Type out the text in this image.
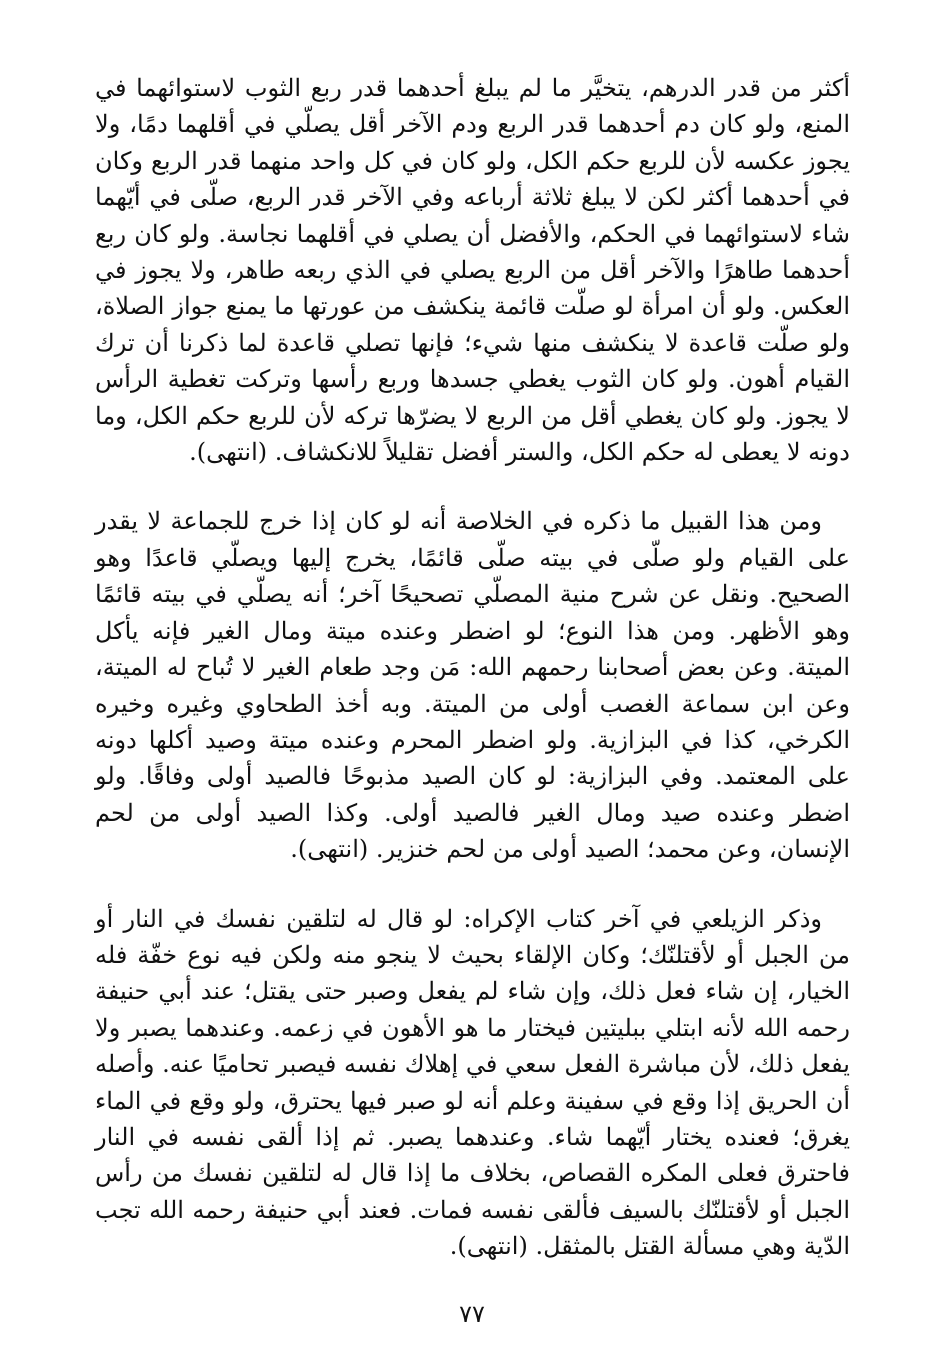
أكثر من قدر الدرهم، يتخيَّر ما لم يبلغ أحدهما قدر ربع الثوب لاستوائهما في المنع، ولو كان دم أحدهما قدر الربع ودم الآخر أقل يصلّي في أقلهما دمًا، ولا يجوز عكسه لأن للربع حكم الكل، ولو كان في كل واحد منهما قدر الربع وكان في أحدهما أكثر لكن لا يبلغ ثلاثة أرباعه وفي الآخر قدر الربع، صلّى في أيّهما شاء لاستوائهما في الحكم، والأفضل أن يصلي في أقلهما نجاسة. ولو كان ربع أحدهما طاهرًا والآخر أقل من الربع يصلي في الذي ربعه طاهر، ولا يجوز في العكس. ولو أن امرأة لو صلّت قائمة ينكشف من عورتها ما يمنع جواز الصلاة، ولو صلّت قاعدة لا ينكشف منها شيء؛ فإنها تصلي قاعدة لما ذكرنا أن ترك القيام أهون. ولو كان الثوب يغطي جسدها وربع رأسها وتركت تغطية الرأس لا يجوز. ولو كان يغطي أقل من الربع لا يضرّها تركه لأن للربع حكم الكل، وما دونه لا يعطى له حكم الكل، والستر أفضل تقليلاً للانكشاف. (انتهى).

ومن هذا القبيل ما ذكره في الخلاصة أنه لو كان إذا خرج للجماعة لا يقدر على القيام ولو صلّى في بيته صلّى قائمًا، يخرج إليها ويصلّي قاعدًا وهو الصحيح. ونقل عن شرح منية المصلّي تصحيحًا آخر؛ أنه يصلّي في بيته قائمًا وهو الأظهر. ومن هذا النوع؛ لو اضطر وعنده ميتة ومال الغير فإنه يأكل الميتة. وعن بعض أصحابنا رحمهم الله: مَن وجد طعام الغير لا تُباح له الميتة، وعن ابن سماعة الغصب أولى من الميتة. وبه أخذ الطحاوي وغيره وخيره الكرخي، كذا في البزازية. ولو اضطر المحرم وعنده ميتة وصيد أكلها دونه على المعتمد. وفي البزازية: لو كان الصيد مذبوحًا فالصيد أولى وفاقًا. ولو اضطر وعنده صيد ومال الغير فالصيد أولى. وكذا الصيد أولى من لحم الإنسان، وعن محمد؛ الصيد أولى من لحم خنزير. (انتهى).

وذكر الزيلعي في آخر كتاب الإكراه: لو قال له لتلقين نفسك في النار أو من الجبل أو لأقتلنّك؛ وكان الإلقاء بحيث لا ينجو منه ولكن فيه نوع خفّة فله الخيار، إن شاء فعل ذلك، وإن شاء لم يفعل وصبر حتى يقتل؛ عند أبي حنيفة رحمه الله لأنه ابتلي ببليتين فيختار ما هو الأهون في زعمه. وعندهما يصبر ولا يفعل ذلك، لأن مباشرة الفعل سعي في إهلاك نفسه فيصبر تحاميًا عنه. وأصله أن الحريق إذا وقع في سفينة وعلم أنه لو صبر فيها يحترق، ولو وقع في الماء يغرق؛ فعنده يختار أيّهما شاء. وعندهما يصبر. ثم إذا ألقى نفسه في النار فاحترق فعلى المكره القصاص، بخلاف ما إذا قال له لتلقين نفسك من رأس الجبل أو لأقتلنّك بالسيف فألقى نفسه فمات. فعند أبي حنيفة رحمه الله تجب الدّية وهي مسألة القتل بالمثقل. (انتهى).

٧٧
